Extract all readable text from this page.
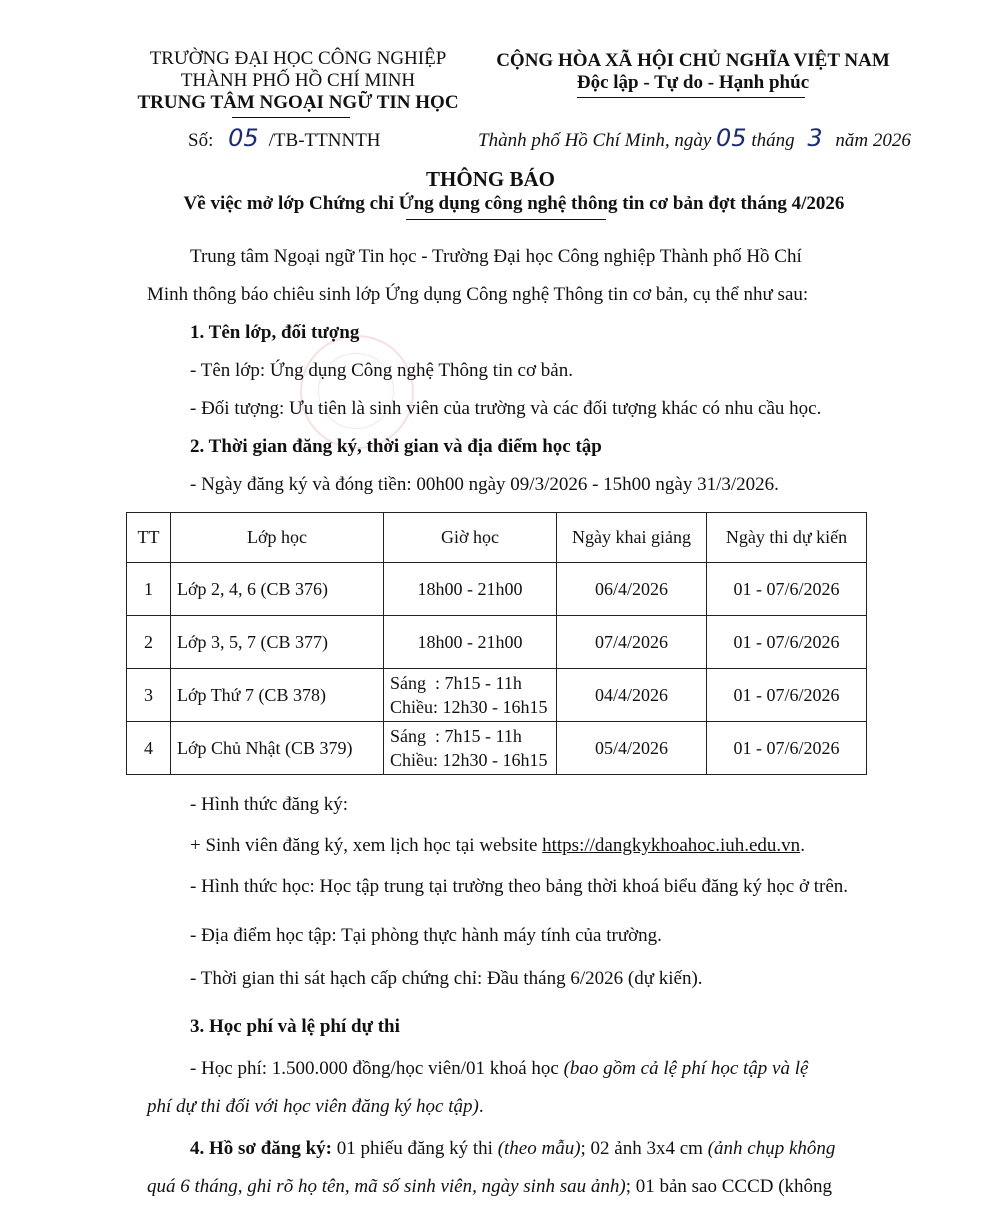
TRƯỜNG ĐẠI HỌC CÔNG NGHIỆP
THÀNH PHỐ HỒ CHÍ MINH
TRUNG TÂM NGOẠI NGỮ TIN HỌC
CỘNG HÒA XÃ HỘI CHỦ NGHĨA VIỆT NAM
Độc lập - Tự do - Hạnh phúc
Số: 05 /TB-TTNNTH	Thành phố Hồ Chí Minh, ngày 05 tháng 3 năm 2026
THÔNG BÁO
Về việc mở lớp Chứng chỉ Ứng dụng công nghệ thông tin cơ bản đợt tháng 4/2026
Trung tâm Ngoại ngữ Tin học - Trường Đại học Công nghiệp Thành phố Hồ Chí
Minh thông báo chiêu sinh lớp Ứng dụng Công nghệ Thông tin cơ bản, cụ thể như sau:
1. Tên lớp, đối tượng
- Tên lớp: Ứng dụng Công nghệ Thông tin cơ bản.
- Đối tượng: Ưu tiên là sinh viên của trường và các đối tượng khác có nhu cầu học.
2. Thời gian đăng ký, thời gian và địa điểm học tập
- Ngày đăng ký và đóng tiền: 00h00 ngày 09/3/2026 - 15h00 ngày 31/3/2026.
TT	Lớp học	Giờ học	Ngày khai giảng	Ngày thi dự kiến
1	Lớp 2, 4, 6 (CB 376)	18h00 - 21h00	06/4/2026	01 - 07/6/2026
2	Lớp 3, 5, 7 (CB 377)	18h00 - 21h00	07/4/2026	01 - 07/6/2026
3	Lớp Thứ 7 (CB 378)	Sáng  : 7h15 - 11h
Chiều: 12h30 - 16h15	04/4/2026	01 - 07/6/2026
4	Lớp Chủ Nhật (CB 379)	Sáng  : 7h15 - 11h
Chiều: 12h30 - 16h15	05/4/2026	01 - 07/6/2026
- Hình thức đăng ký:
+ Sinh viên đăng ký, xem lịch học tại website https://dangkykhoahoc.iuh.edu.vn.
- Hình thức học: Học tập trung tại trường theo bảng thời khoá biểu đăng ký học ở trên.
- Địa điểm học tập: Tại phòng thực hành máy tính của trường.
- Thời gian thi sát hạch cấp chứng chỉ: Đầu tháng 6/2026 (dự kiến).
3. Học phí và lệ phí dự thi
- Học phí: 1.500.000 đồng/học viên/01 khoá học (bao gồm cả lệ phí học tập và lệ
phí dự thi đối với học viên đăng ký học tập).
4. Hồ sơ đăng ký: 01 phiếu đăng ký thi (theo mẫu); 02 ảnh 3x4 cm (ảnh chụp không
quá 6 tháng, ghi rõ họ tên, mã số sinh viên, ngày sinh sau ảnh); 01 bản sao CCCD (không
